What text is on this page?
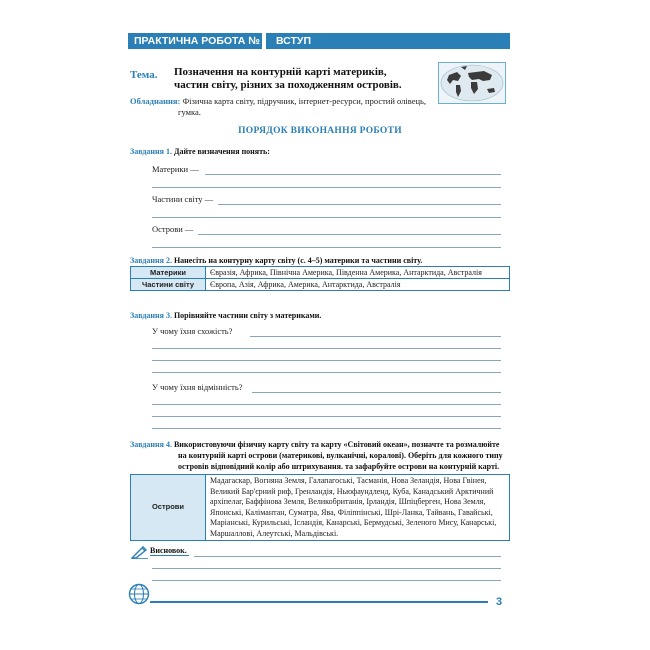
ПРАКТИЧНА РОБОТА № 1
ВСТУП
Тема. Позначення на контурній карті материків, частин світу, різних за походженням островів.
Обладнання: Фізична карта світу, підручник, інтернет-ресурси, простий олівець,
гумка.
ПОРЯДОК ВИКОНАННЯ РОБОТИ
Завдання 1. Дайте визначення понять:
Материки —
Частини світу —
Острови —
Завдання 2. Нанесіть на контурну карту світу (с. 4–5) материки та частини світу.
Материки	Євразія, Африка, Північна Америка, Південна Америка, Антарктида, Австралія
Частини світу	Європа, Азія, Африка, Америка, Антарктида, Австралія
Завдання 3. Порівняйте частини світу з материками.
У чому їхня схожість?
У чому їхня відмінність?
Завдання 4. Використовуючи фізичну карту світу та карту «Світовий океан», позначте та розмалюйте
на контурній карті острови (материкові, вулканічні, коралові). Оберіть для кожного типу
островів відповідний колір або штрихування. та зафарбуйте острови на контурній карті.
Острови	Мадагаскар, Вогняна Земля, Галапагоські, Тасманія, Нова Зеландія, Нова Гвінея, Великий Бар'єрний риф, Гренландія, Ньюфаундленд, Куба, Канадський Арктичний архіпелаг, Баффінова Земля, Великобританія, Ірландія, Шпіцберген, Нова Земля, Японські, Калімантан, Суматра, Ява, Філіппінські, Шрі-Ланка, Тайвань, Гавайські, Маріанські, Курильські, Ісландія, Канарські, Бермудські, Зеленого Мису, Канарські, Маршаллові, Алеутські, Мальдівські.
Висновок.
3
